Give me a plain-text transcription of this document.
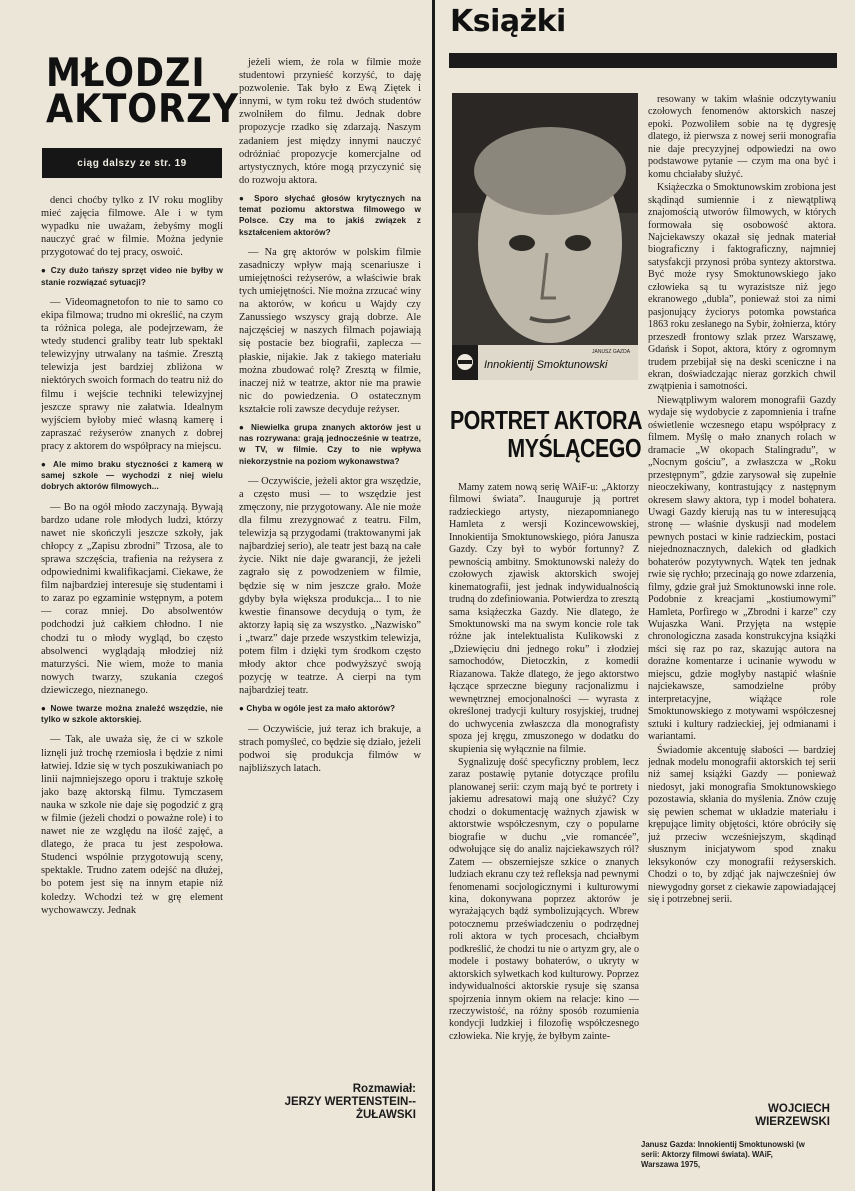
MŁODZI AKTORZY
ciąg dalszy ze str. 19

denci choćby tylko z IV roku mogliby mieć zajęcia filmowe. Ale i w tym wypadku nie uważam, żebyśmy mogli nauczyć grać w filmie. Można jedynie przygotować do tej pracy, oswoić.

● Czy dużo tańszy sprzęt video nie byłby w stanie rozwiązać sytuacji?

— Videomagnetofon to nie to samo co ekipa filmowa; trudno mi określić, na czym ta różnica polega, ale podejrzewam, że wtedy studenci graliby teatr lub spektakl telewizyjny utrwalany na taśmie. Zresztą telewizja jest bardziej zbliżona w niektórych swoich formach do teatru niż do filmu i wejście techniki telewizyjnej jeszcze sprawy nie załatwia. Idealnym wyjściem byłoby mieć własną kamerę i zapraszać reżyserów znanych z dobrej pracy z aktorem do współpracy na miejscu.

● Ale mimo braku styczności z kamerą w samej szkole — wychodzi z niej wielu dobrych aktorów filmowych...

— Bo na ogół młodo zaczynają. Bywają bardzo udane role młodych ludzi, którzy nawet nie skończyli jeszcze szkoły, jak chłopcy z „Zapisu zbrodni” Trzosa, ale to sprawa szczęścia, trafienia na reżysera z odpowiednimi kwalifikacjami. Ciekawe, że film najbardziej interesuje się studentami i to zaraz po egzaminie wstępnym, a potem — coraz mniej. Do absolwentów podchodzi już całkiem chłodno. I nie chodzi tu o młody wygląd, bo często absolwenci wyglądają młodziej niż maturzyści. Nie wiem, może to mania nowych twarzy, szukania czegoś dziewiczego, nieznanego.

● Nowe twarze można znaleźć wszędzie, nie tylko w szkole aktorskiej.

— Tak, ale uważa się, że ci w szkole liznęli już trochę rzemiosła i będzie z nimi łatwiej. Idzie się w tych poszukiwaniach po linii najmniejszego oporu i traktuje szkołę jako bazę aktorską filmu. Tymczasem nauka w szkole nie daje się pogodzić z grą w filmie (jeżeli chodzi o poważne role) i to nawet nie ze względu na ilość zajęć, a dlatego, że praca tu jest zespołowa. Studenci wspólnie przygotowują sceny, spektakle. Trudno zatem odejść na dłużej, bo potem jest się na innym etapie niż koledzy. Wchodzi też w grę element wychowawczy. Jednak

jeżeli wiem, że rola w filmie może studentowi przynieść korzyść, to daję pozwolenie. Tak było z Ewą Ziętek i innymi, w tym roku też dwóch studentów zwolniłem do filmu. Jednak dobre propozycje rzadko się zdarzają. Naszym zadaniem jest między innymi nauczyć odróżniać propozycje komercjalne od artystycznych, które mogą przyczynić się do rozwoju aktora.

● Sporo słychać głosów krytycznych na temat poziomu aktorstwa filmowego w Polsce. Czy ma to jakiś związek z kształceniem aktorów?

— Na grę aktorów w polskim filmie zasadniczy wpływ mają scenariusze i umiejętności reżyserów, a właściwie brak tych umiejętności. Nie można zrzucać winy na aktorów, w końcu u Wajdy czy Zanussiego wszyscy grają dobrze. Ale najczęściej w naszych filmach pojawiają się postacie bez biografii, zaplecza — płaskie, nijakie. Jak z takiego materiału można zbudować rolę? Zresztą w filmie, inaczej niż w teatrze, aktor nie ma prawie nic do powiedzenia. O ostatecznym kształcie roli zawsze decyduje reżyser.

● Niewielka grupa znanych aktorów jest u nas rozrywana: grają jednocześnie w teatrze, w TV, w filmie. Czy to nie wpływa niekorzystnie na poziom wykonawstwa?

— Oczywiście, jeżeli aktor gra wszędzie, a często musi — to wszędzie jest zmęczony, nie przygotowany. Ale nie może dla filmu zrezygnować z teatru. Film, telewizja są przygodami (traktowanymi jak najbardziej serio), ale teatr jest bazą na całe życie. Nikt nie daje gwarancji, że jeżeli zagrało się z powodzeniem w filmie, będzie się w nim jeszcze grało. Może gdyby była większa produkcja... I to nie kwestie finansowe decydują o tym, że aktorzy łapią się za wszystko. „Nazwisko” i „twarz” daje przede wszystkim telewizja, potem film i dzięki tym środkom często młody aktor chce podwyższyć swoją pozycję w teatrze. A cierpi na tym najbardziej teatr.

● Chyba w ogóle jest za mało aktorów?

— Oczywiście, już teraz ich brakuje, a strach pomyśleć, co będzie się działo, jeżeli podwoi się produkcja filmów w najbliższych latach.

Rozmawiał:
JERZY WERTENSTEIN--ŻUŁAWSKI
Książki
JANUSZ GAZDA
Innokientij Smoktunowski
PORTRET AKTORA
MYŚLĄCEGO

Mamy zatem nową serię WAiF-u: „Aktorzy filmowi świata”. Inauguruje ją portret radzieckiego artysty, niezapomnianego Hamleta z wersji Kozincewowskiej, Innokientija Smoktunowskiego, pióra Janusza Gazdy. Czy był to wybór fortunny? Z pewnością ambitny. Smoktunowski należy do czołowych zjawisk aktorskich swojej kinematografii, jest jednak indywidualnością trudną do zdefiniowania. Potwierdza to zresztą sama książeczka Gazdy. Nie dlatego, że Smoktunowski ma na swym koncie role tak różne jak intelektualista Kulikowski z „Dziewięciu dni jednego roku” i złodziej samochodów, Dietoczkin, z komedii Riazanowa. Także dlatego, że jego aktorstwo łączące sprzeczne bieguny racjonalizmu i wewnętrznej emocjonalności — wyrasta z określonej tradycji kultury rosyjskiej, trudnej do uchwycenia zwłaszcza dla monografisty spoza jej kręgu, zmuszonego w dodatku do skupienia się wyłącznie na filmie.

Sygnalizuję dość specyficzny problem, lecz zaraz postawię pytanie dotyczące profilu planowanej serii: czym mają być te portrety i jakiemu adresatowi mają one służyć? Czy chodzi o dokumentację ważnych zjawisk w aktorstwie współczesnym, czy o popularne biografie w duchu „vie romancée”, odwołujące się do analiz najciekawszych ról? Zatem — obszerniejsze szkice o znanych ludziach ekranu czy też refleksja nad pewnymi fenomenami socjologicznymi i kulturowymi kina, dokonywana poprzez aktorów je wyrażających bądź symbolizujących. Wbrew potocznemu przeświadczeniu o podrzędnej roli aktora w tych procesach, chciałbym podkreślić, że chodzi tu nie o artyzm gry, ale o modele i postawy bohaterów, o ukryty w aktorskich sylwetkach kod kulturowy. Poprzez indywidualności aktorskie rysuje się szansa spojrzenia innym okiem na relacje: kino — rzeczywistość, na różny sposób rozumienia kondycji ludzkiej i filozofię współczesnego człowieka. Nie kryję, że byłbym zainte-

resowany w takim właśnie odczytywaniu czołowych fenomenów aktorskich naszej epoki. Pozwoliłem sobie na tę dygresję dlatego, iż pierwsza z nowej serii monografia nie daje precyzyjnej odpowiedzi na owo podstawowe pytanie — czym ma ona być i komu chciałaby służyć.

Książeczka o Smoktunowskim zrobiona jest skądinąd sumiennie i z niewątpliwą znajomością utworów filmowych, w których formowała się osobowość aktora. Najciekawszy okazał się jednak materiał biograficzny i faktograficzny, najmniej satysfakcji przynosi próba syntezy aktorstwa. Być może rysy Smoktunowskiego jako człowieka są tu wyrazistsze niż jego ekranowego „dubla”, ponieważ stoi za nimi pasjonujący życiorys potomka powstańca 1863 roku zesłanego na Sybir, żołnierza, który przeszedł frontowy szlak przez Warszawę, Gdańsk i Sopot, aktora, który z ogromnym trudem przebijał się na deski sceniczne i na ekran, doświadczając nieraz gorzkich chwil zwątpienia i samotności.

Niewątpliwym walorem monografii Gazdy wydaje się wydobycie z zapomnienia i trafne oświetlenie wczesnego etapu współpracy z filmem. Myślę o mało znanych rolach w dramacie „W okopach Stalingradu”, w „Nocnym gościu”, a zwłaszcza w „Roku przestępnym”, gdzie zarysował się zupełnie nieoczekiwany, kontrastujący z następnym okresem sławy aktora, typ i model bohatera. Uwagi Gazdy kierują nas tu w interesującą stronę — właśnie dyskusji nad modelem pewnych postaci w kinie radzieckim, postaci niejednoznacznych, dalekich od gładkich bohaterów pozytywnych. Wątek ten jednak rwie się rychło; przecinają go nowe zdarzenia, filmy, gdzie grał już Smoktunowski inne role. Podobnie z kreacjami „kostiumowymi” Hamleta, Porfirego w „Zbrodni i karze” czy Wujaszka Wani. Przyjęta na wstępie chronologiczna zasada konstrukcyjna książki mści się raz po raz, skazując autora na doraźne komentarze i ucinanie wywodu w miejscu, gdzie mogłyby nastąpić właśnie najciekawsze, samodzielne próby interpretacyjne, wiążące role Smoktunowskiego z motywami współczesnej sztuki i kultury radzieckiej, jej odmianami i wariantami.

Świadomie akcentuję słabości — bardziej jednak modelu monografii aktorskich tej serii niż samej książki Gazdy — ponieważ niedosyt, jaki monografia Smoktunowskiego pozostawia, skłania do myślenia. Znów czuję się pewien schemat w układzie materiału i krępujące limity objętości, które obróciły się już przeciw wcześniejszym, skądinąd słusznym inicjatywom spod znaku leksykonów czy monografii reżyserskich. Chodzi o to, by zdjąć jak najwcześniej ów niewygodny gorset z ciekawie zapowiadającej się i potrzebnej serii.

WOJCIECH WIERZEWSKI
Janusz Gazda: Innokientij Smoktunowski (w serii: Aktorzy filmowi świata). WAiF, Warszawa 1975,
